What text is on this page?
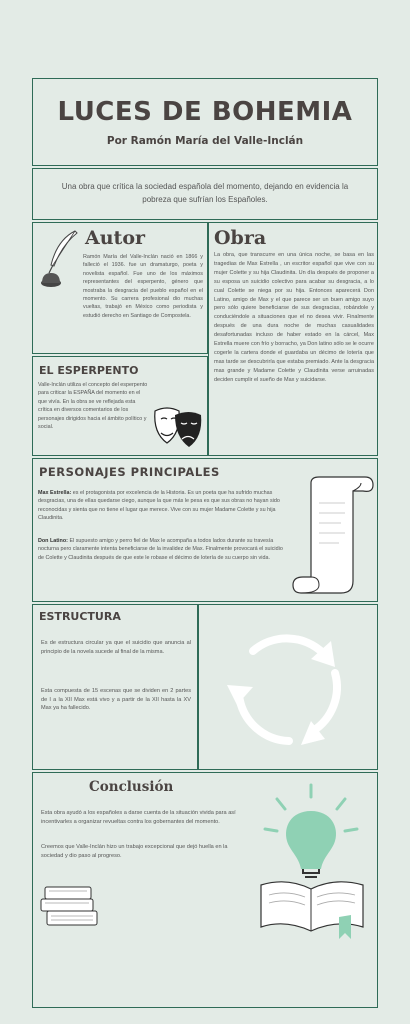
LUCES DE BOHEMIA
Por Ramón María del Valle-Inclán

Una obra que crítica la sociedad española del momento, dejando en evidencia la pobreza que sufrían los Españoles.

Autor

Ramón María del Valle-Inclán nació en 1866 y falleció el 1936. fue un dramaturgo, poeta y novelista español. Fue uno de los máximos representantes del esperpento, género que mostraba la desgracia del pueblo español en el momento. Su carrera profesional dio muchas vueltas, trabajó en México como periodista y estudió derecho en Santiago de Compostela.

EL ESPERPENTO

Valle-Inclán utiliza el concepto del esperpento para criticar la ESPAÑA del momento en el que vivía. En la obra se ve reflejada esta crítica en diversos comentarios de los personajes dirigidos hacia el ámbito político y social.

Obra

La obra, que transcurre en una única noche, se basa en las tragedias de Max Estrella , un escritor español que vive con su mujer Colette y su hija Claudinita. Un día después de proponer a su esposa un suicidio colectivo para acabar su desgracia, a lo cual Colette se niega por su hija. Entonces aparecerá Don Latino, amigo de Max y el que parece ser un buen amigo suyo pero sólo quiere beneficiarse de sus desgracias, robándole y conduciéndole a situaciones que el no desea vivir. Finalmente después de una dura noche de muchas casualidades desafortunadas incluso de haber estado en la cárcel, Max Estrella muere con frío y borracho, ya Don latino sólo se le ocurre cogerle la cartera donde el guardaba un décimo de lotería que mas tarde se descubriría que estaba premiado. Ante la desgracia mas grande y Madame Colette y Claudinita verse arruinadas deciden cumplir el sueño de Max y suicidarse.

PERSONAJES PRINCIPALES

Max Estrella: es el protagonista por excelencia de la Historia. Es un poeta que ha sufrido muchas desgracias, una de ellas quedarse ciego, aunque la que más le pesa es que sus obras no hayan sido reconocidas y sienta que no tiene el lugar que merece. Vive con su mujer Madame Colette y su hija Claudinita.

Don Latino: El supuesto amigo y perro fiel de Max le acompaña a todos lados durante su travesía nocturna pero claramente intenta beneficiarse de la invalidez de Max. Finalmente provocará el suicidio de Colette y Claudinita después de que este le robase el décimo de lotería de su cuerpo sin vida.

ESTRUCTURA

Es de estructura circular ya que el suicidio que anuncia al principio de la novela sucede al final de la misma.

Esta compuesta de 15 escenas que se dividen en 2 partes de I a la XII Max está vivo y a partir de la XII hasta la XV Max ya ha fallecido.

Conclusión

Esta obra ayudó a los españoles a darse cuenta de la situación vivida para así incentivarles a organizar revueltas contra los gobernantes del momento.

Creemos que Valle-Inclán hizo un trabajo excepcional que dejó huella en la sociedad y dio paso al progreso.
